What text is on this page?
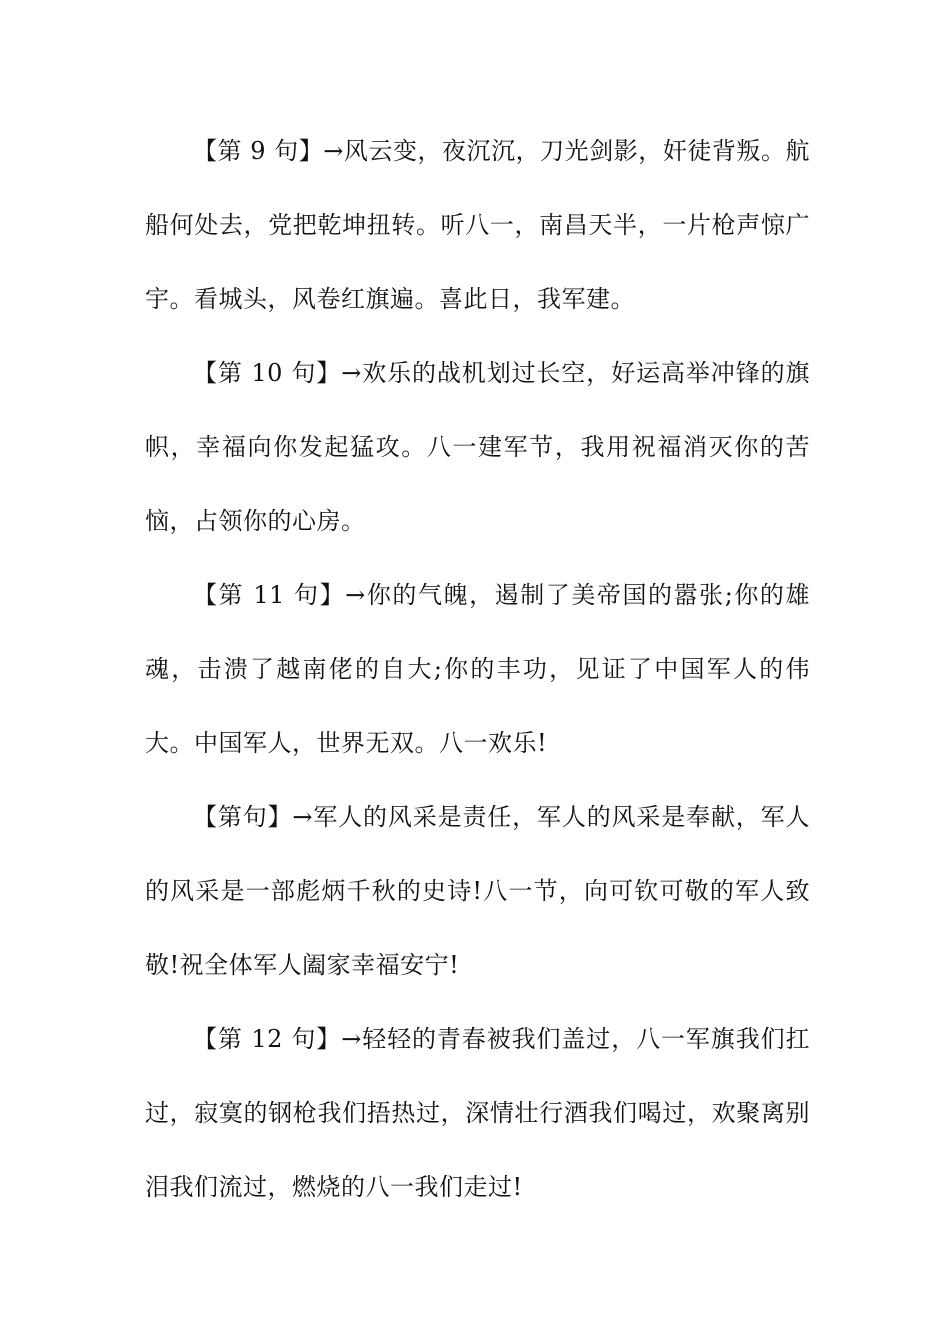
【第 9 句】→风云变，夜沉沉，刀光剑影，奸徒背叛。航船何处去，党把乾坤扭转。听八一，南昌天半，一片枪声惊广宇。看城头，风卷红旗遍。喜此日，我军建。

【第 10 句】→欢乐的战机划过长空，好运高举冲锋的旗帜，幸福向你发起猛攻。八一建军节，我用祝福消灭你的苦恼，占领你的心房。

【第 11 句】→你的气魄，遏制了美帝国的嚣张;你的雄魂，击溃了越南佬的自大;你的丰功，见证了中国军人的伟大。中国军人，世界无双。八一欢乐!

【第句】→军人的风采是责任，军人的风采是奉献，军人的风采是一部彪炳千秋的史诗!八一节，向可钦可敬的军人致敬!祝全体军人阖家幸福安宁!

【第 12 句】→轻轻的青春被我们盖过，八一军旗我们扛过，寂寞的钢枪我们捂热过，深情壮行酒我们喝过，欢聚离别泪我们流过，燃烧的八一我们走过!
